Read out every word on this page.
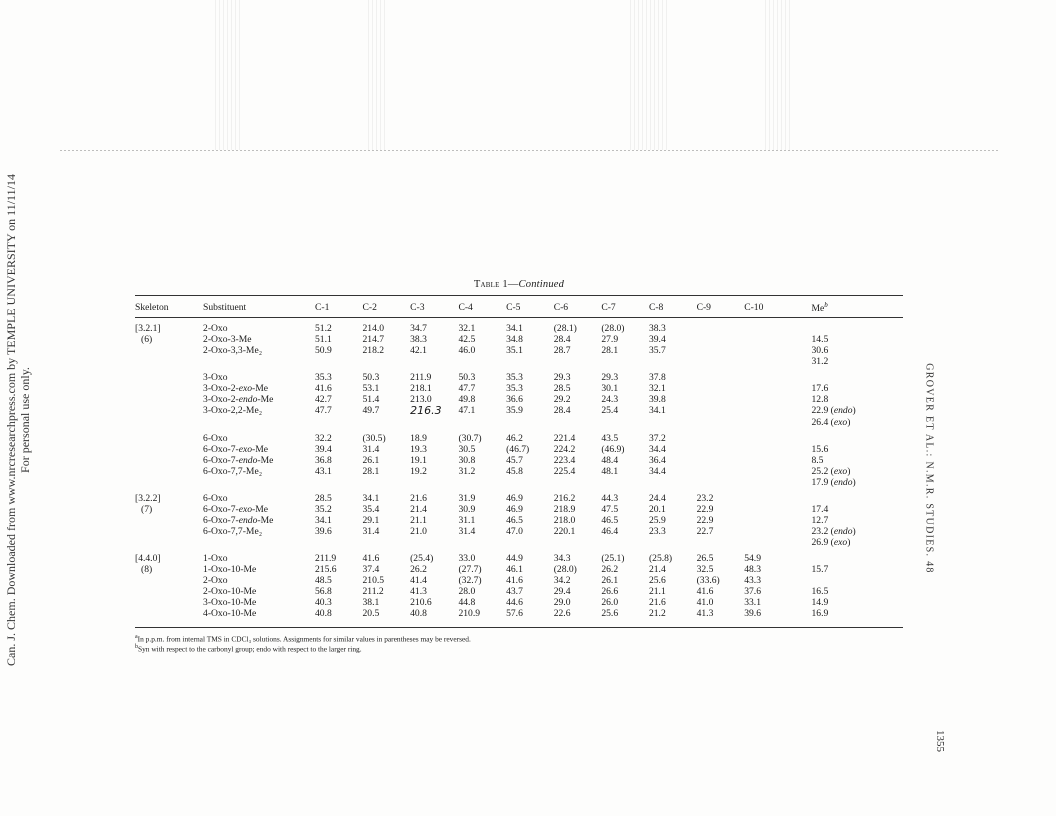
Can. J. Chem. Downloaded from www.nrcresearchpress.com by TEMPLE UNIVERSITY on 11/11/14 For personal use only.	GROVER ET AL.: N.M.R. STUDIES. 48
1355
Table 1—Continued
Skeleton	Substituent	C-1	C-2	C-3	C-4	C-5	C-6	C-7	C-8	C-9	C-10	Me$^b$
[3.2.1]	2-Oxo	51.2	214.0	34.7	32.1	34.1	(28.1)	(28.0)	38.3			
(6)	2-Oxo-3-Me	51.1	214.7	38.3	42.5	34.8	28.4	27.9	39.4			14.5
	2-Oxo-3,3-Me₂	50.9	218.2	42.1	46.0	35.1	28.7	28.1	35.7			30.6
												31.2
	3-Oxo	35.3	50.3	211.9	50.3	35.3	29.3	29.3	37.8			
	3-Oxo-2-exo-Me	41.6	53.1	218.1	47.7	35.3	28.5	30.1	32.1			17.6
	3-Oxo-2-endo-Me	42.7	51.4	213.0	49.8	36.6	29.2	24.3	39.8			12.8
	3-Oxo-2,2-Me₂	47.7	49.7	216.3	47.1	35.9	28.4	25.4	34.1			22.9 (endo)
												26.4 (exo)
	6-Oxo	32.2	(30.5)	18.9	(30.7)	46.2	221.4	43.5	37.2			
	6-Oxo-7-exo-Me	39.4	31.4	19.3	30.5	(46.7)	224.2	(46.9)	34.4			15.6
	6-Oxo-7-endo-Me	36.8	26.1	19.1	30.8	45.7	223.4	48.4	36.4			8.5
	6-Oxo-7,7-Me₂	43.1	28.1	19.2	31.2	45.8	225.4	48.1	34.4			25.2 (exo)
												17.9 (endo)
[3.2.2]	6-Oxo	28.5	34.1	21.6	31.9	46.9	216.2	44.3	24.4	23.2		
(7)	6-Oxo-7-exo-Me	35.2	35.4	21.4	30.9	46.9	218.9	47.5	20.1	22.9		17.4
	6-Oxo-7-endo-Me	34.1	29.1	21.1	31.1	46.5	218.0	46.5	25.9	22.9		12.7
	6-Oxo-7,7-Me₂	39.6	31.4	21.0	31.4	47.0	220.1	46.4	23.3	22.7		23.2 (endo)
												26.9 (exo)
[4.4.0]	1-Oxo	211.9	41.6	(25.4)	33.0	44.9	34.3	(25.1)	(25.8)	26.5	54.9	
(8)	1-Oxo-10-Me	215.6	37.4	26.2	(27.7)	46.1	(28.0)	26.2	21.4	32.5	48.3	15.7
	2-Oxo	48.5	210.5	41.4	(32.7)	41.6	34.2	26.1	25.6	(33.6)	43.3	
	2-Oxo-10-Me	56.8	211.2	41.3	28.0	43.7	29.4	26.6	21.1	41.6	37.6	16.5
	3-Oxo-10-Me	40.3	38.1	210.6	44.8	44.6	29.0	26.0	21.6	41.0	33.1	14.9
	4-Oxo-10-Me	40.8	20.5	40.8	210.9	57.6	22.6	25.6	21.2	41.3	39.6	16.9
$^a$In p.p.m. from internal TMS in CDCl₃ solutions. Assignments for similar values in parentheses may be reversed.
$^b$Syn with respect to the carbonyl group; endo with respect to the larger ring.
